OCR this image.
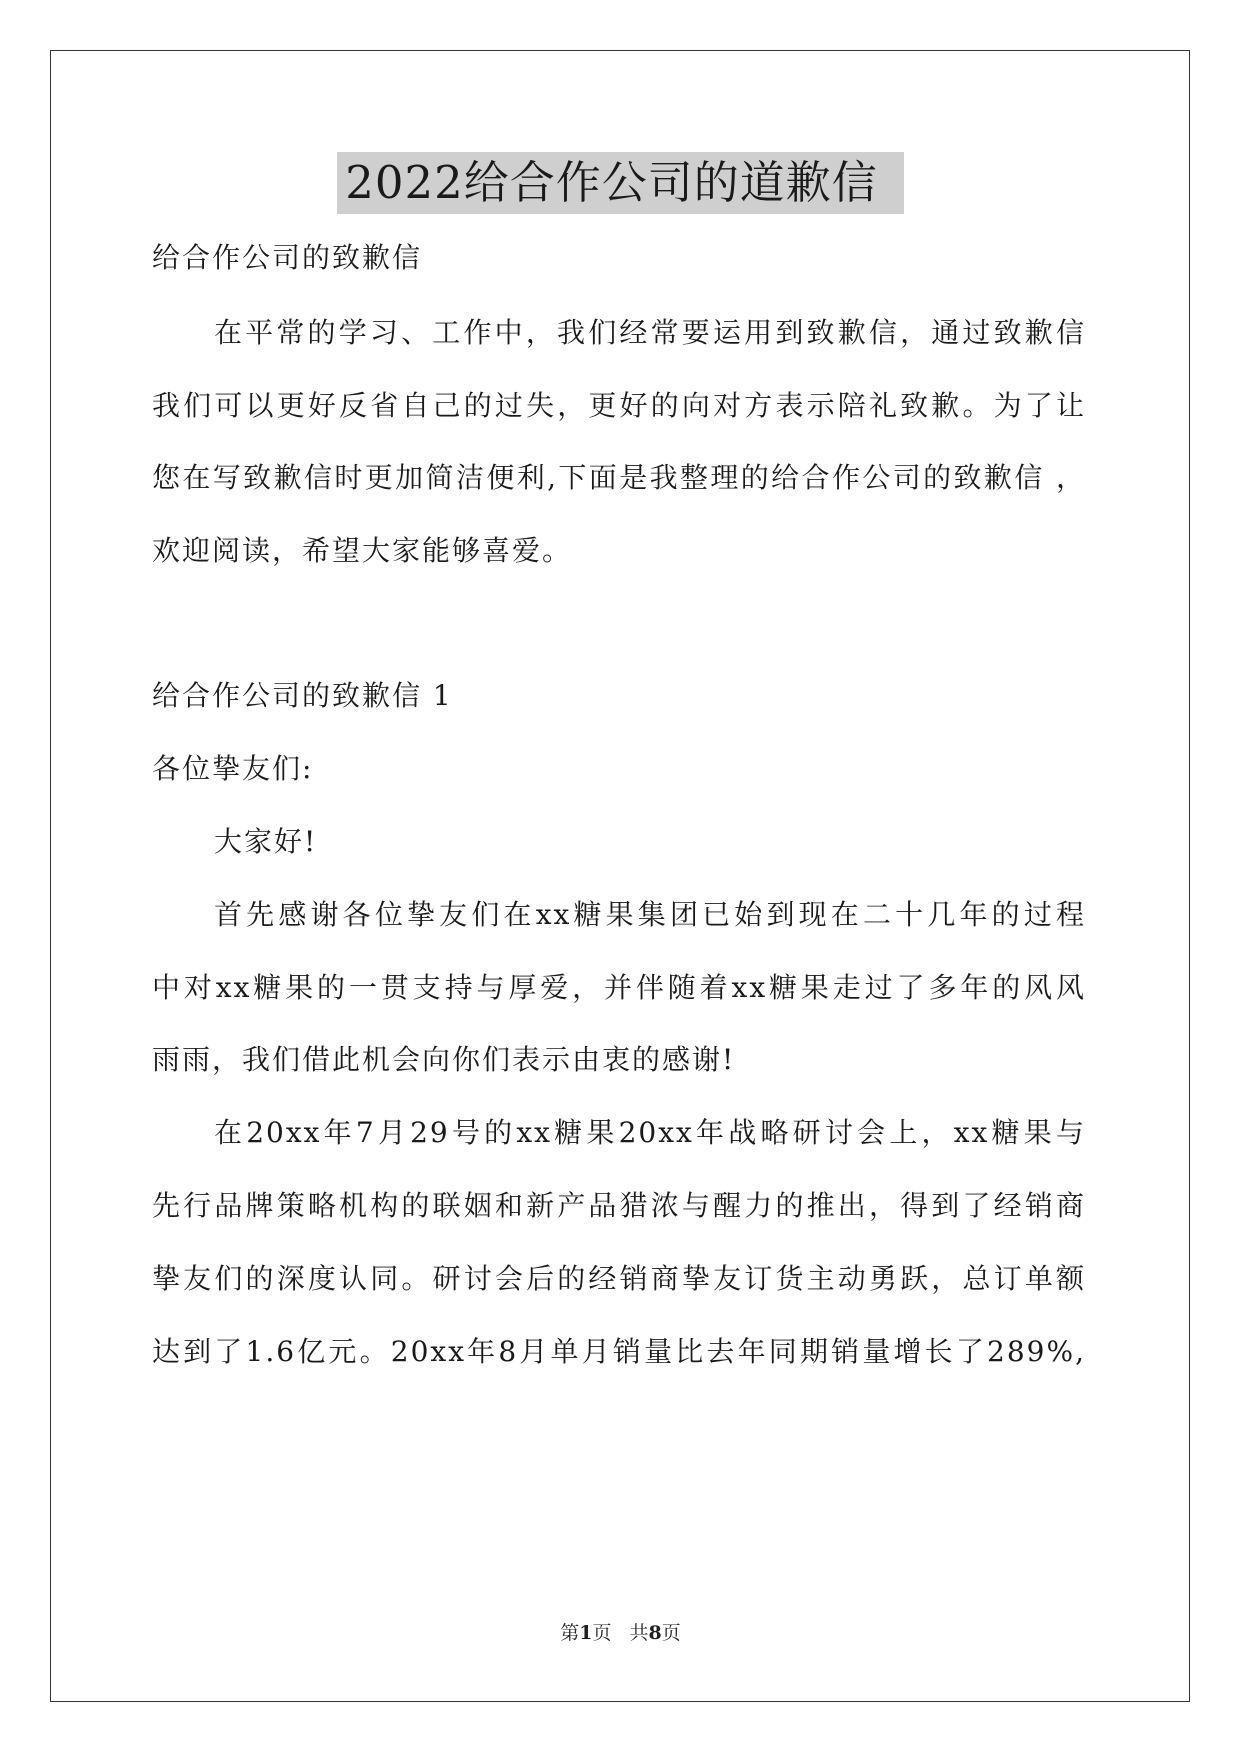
2022给合作公司的道歉信
给合作公司的致歉信
在平常的学习、工作中，我们经常要运用到致歉信，通过致歉信
我们可以更好反省自己的过失，更好的向对方表示陪礼致歉。为了让
您在写致歉信时更加简洁便利,下面是我整理的给合作公司的致歉信 ，
欢迎阅读，希望大家能够喜爱。
给合作公司的致歉信 1
各位挚友们:
大家好!
首先感谢各位挚友们在xx糖果集团已始到现在二十几年的过程
中对xx糖果的一贯支持与厚爱，并伴随着xx糖果走过了多年的风风
雨雨，我们借此机会向你们表示由衷的感谢!
在20xx年7月29号的xx糖果20xx年战略研讨会上，xx糖果与
先行品牌策略机构的联姻和新产品猎浓与醒力的推出，得到了经销商
挚友们的深度认同。研讨会后的经销商挚友订货主动勇跃，总订单额
达到了1.6亿元。20xx年8月单月销量比去年同期销量增长了289%,
第1页 共8页
